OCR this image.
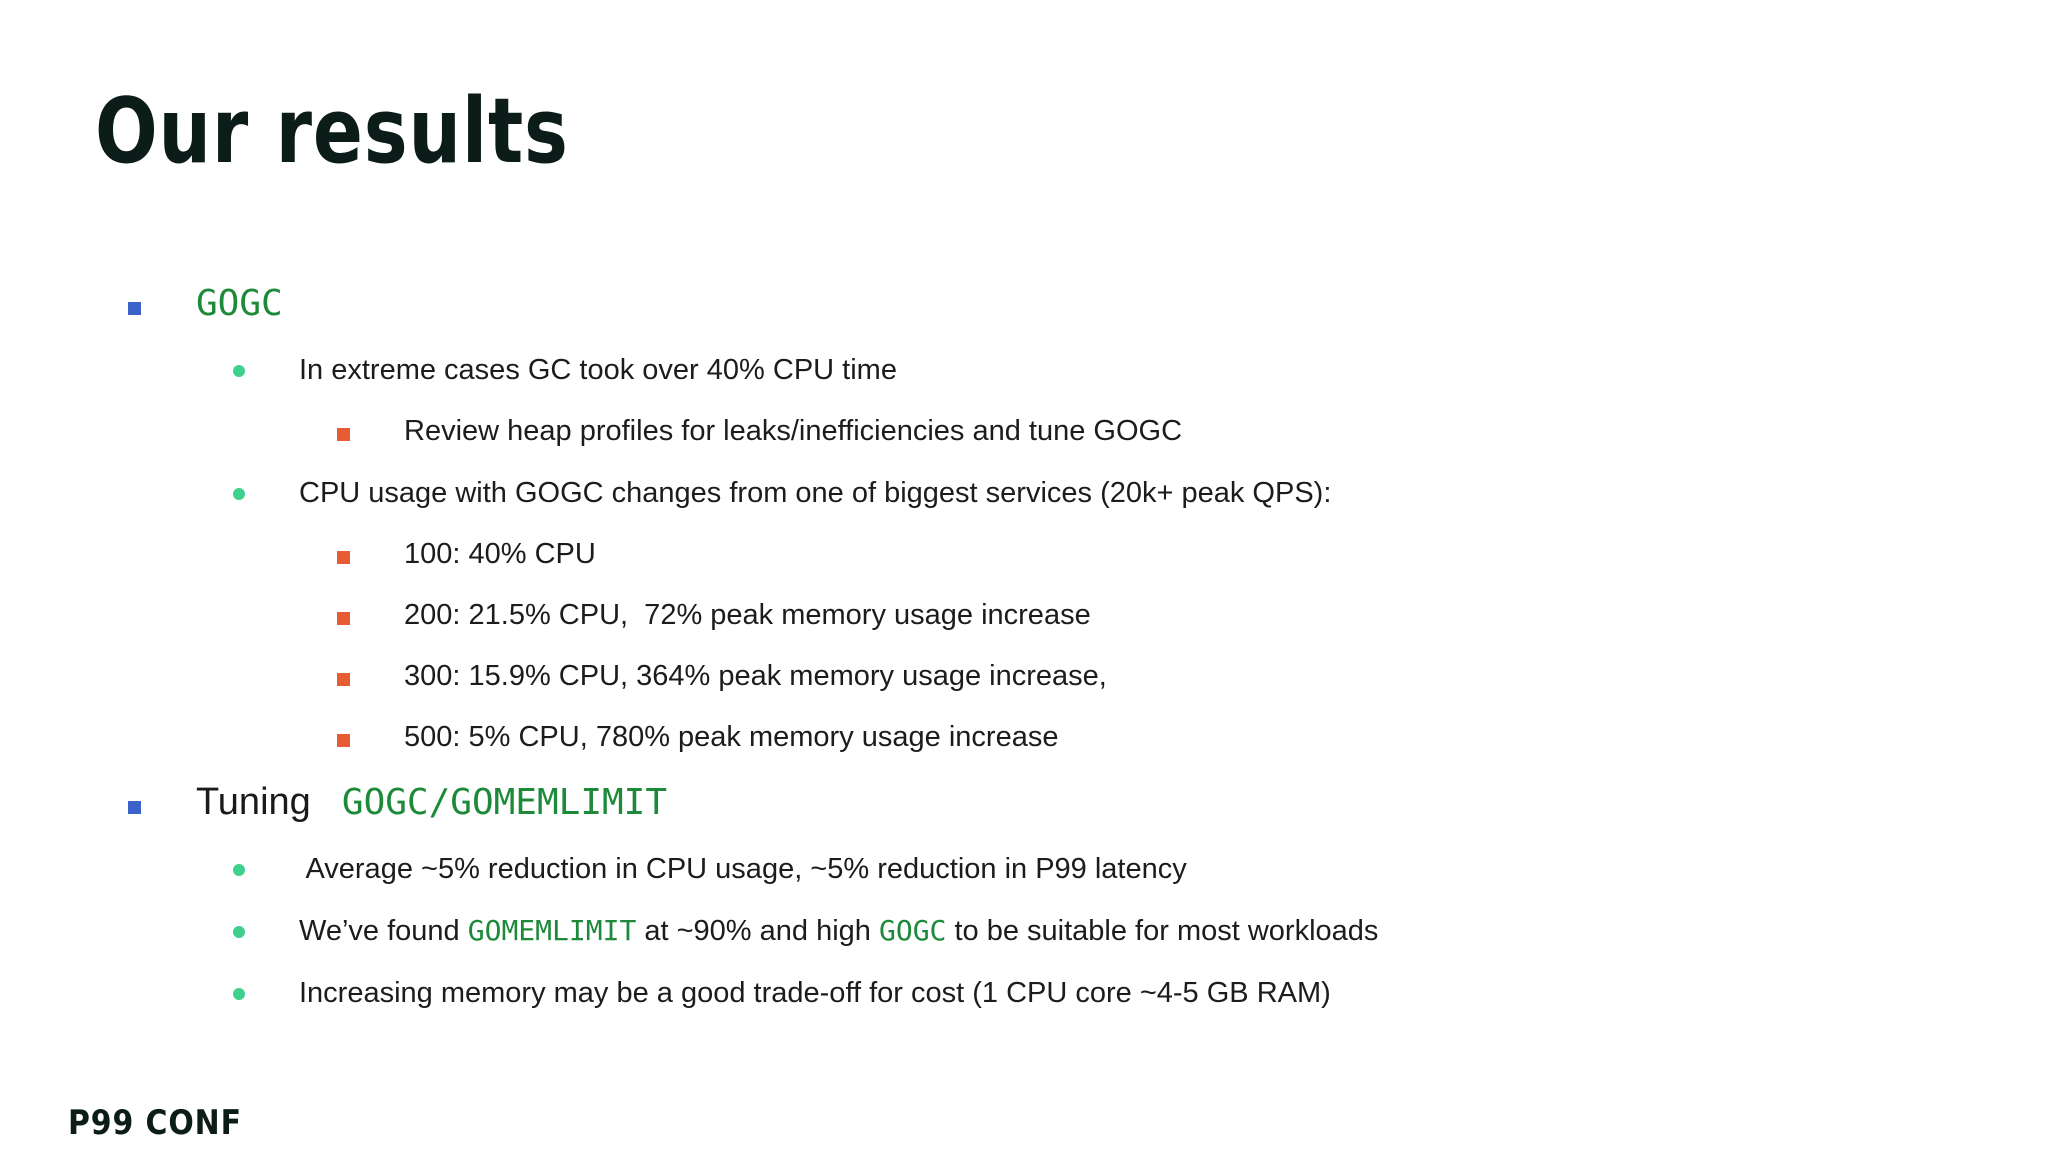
Our results
GOGC
In extreme cases GC took over 40% CPU time
Review heap profiles for leaks/inefficiencies and tune GOGC
CPU usage with GOGC changes from one of biggest services (20k+ peak QPS):
100: 40% CPU
200: 21.5% CPU,  72% peak memory usage increase
300: 15.9% CPU, 364% peak memory usage increase,
500: 5% CPU, 780% peak memory usage increase
Tuning GOGC/GOMEMLIMIT
Average ~5% reduction in CPU usage, ~5% reduction in P99 latency
We’ve found GOMEMLIMIT at ~90% and high GOGC to be suitable for most workloads
Increasing memory may be a good trade-off for cost (1 CPU core ~4-5 GB RAM)
P99 CONF
